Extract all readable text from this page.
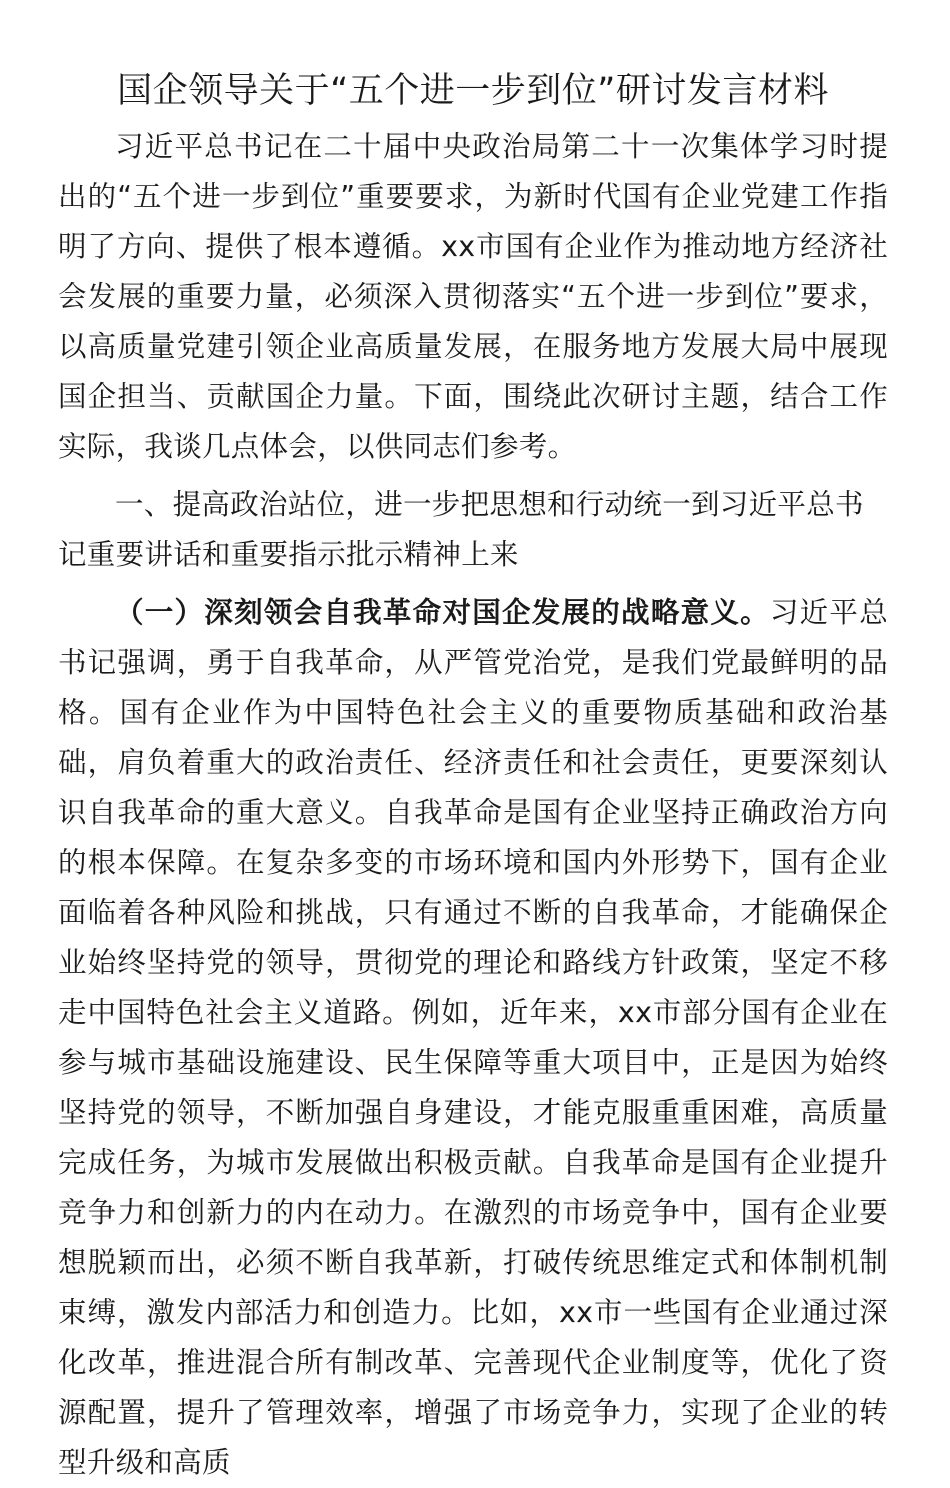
国企领导关于“五个进一步到位”研讨发言材料

习近平总书记在二十届中央政治局第二十一次集体学习时提出的“五个进一步到位”重要要求，为新时代国有企业党建工作指明了方向、提供了根本遵循。xx市国有企业作为推动地方经济社会发展的重要力量，必须深入贯彻落实“五个进一步到位”要求，以高质量党建引领企业高质量发展，在服务地方发展大局中展现国企担当、贡献国企力量。下面，围绕此次研讨主题，结合工作实际，我谈几点体会，以供同志们参考。

一、提高政治站位，进一步把思想和行动统一到习近平总书记重要讲话和重要指示批示精神上来

（一）深刻领会自我革命对国企发展的战略意义。习近平总书记强调，勇于自我革命，从严管党治党，是我们党最鲜明的品格。国有企业作为中国特色社会主义的重要物质基础和政治基础，肩负着重大的政治责任、经济责任和社会责任，更要深刻认识自我革命的重大意义。自我革命是国有企业坚持正确政治方向的根本保障。在复杂多变的市场环境和国内外形势下，国有企业面临着各种风险和挑战，只有通过不断的自我革命，才能确保企业始终坚持党的领导，贯彻党的理论和路线方针政策，坚定不移走中国特色社会主义道路。例如，近年来，xx市部分国有企业在参与城市基础设施建设、民生保障等重大项目中，正是因为始终坚持党的领导，不断加强自身建设，才能克服重重困难，高质量完成任务，为城市发展做出积极贡献。自我革命是国有企业提升竞争力和创新力的内在动力。在激烈的市场竞争中，国有企业要想脱颖而出，必须不断自我革新，打破传统思维定式和体制机制束缚，激发内部活力和创造力。比如，xx市一些国有企业通过深化改革，推进混合所有制改革、完善现代企业制度等，优化了资源配置，提升了管理效率，增强了市场竞争力，实现了企业的转型升级和高质
